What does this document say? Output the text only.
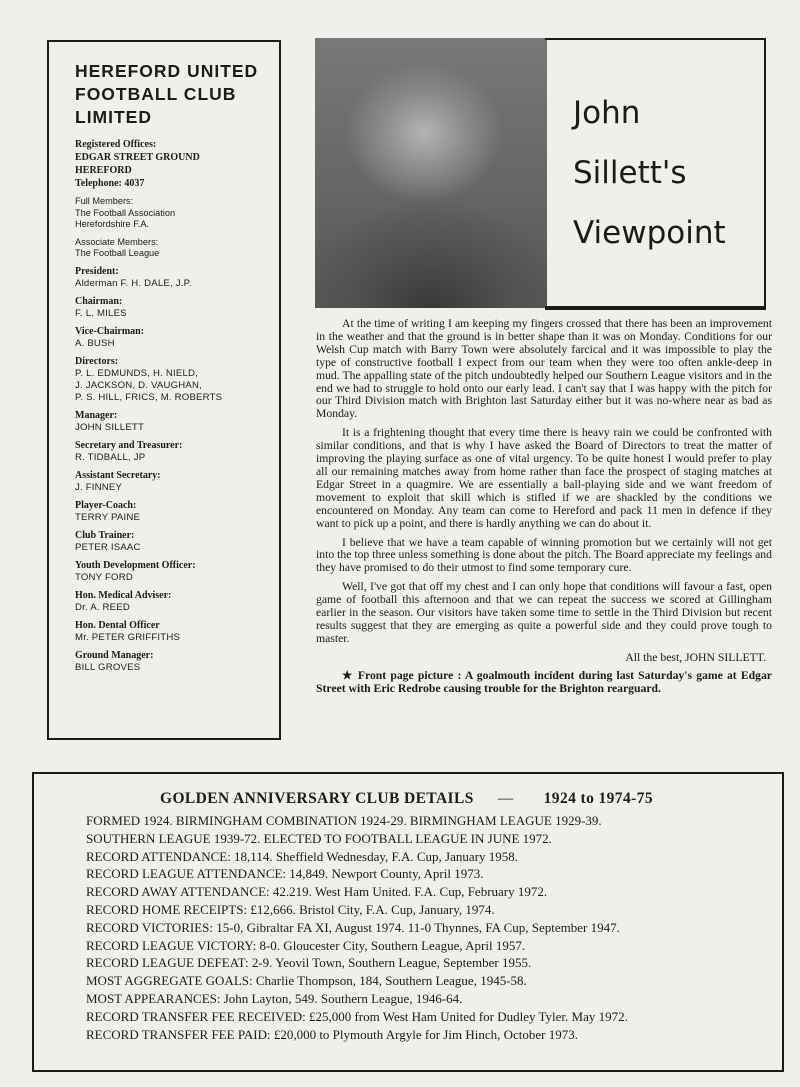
HEREFORD UNITED
FOOTBALL CLUB
LIMITED
Registered Offices:
EDGAR STREET GROUND
HEREFORD
Telephone: 4037
Full Members:
The Football Association
Herefordshire F.A.
Associate Members:
The Football League
President:
Alderman F. H. DALE, J.P.
Chairman:
F. L. MILES
Vice-Chairman:
A. BUSH
Directors:
P. L. EDMUNDS, H. NIELD,
J. JACKSON, D. VAUGHAN,
P. S. HILL, FRICS, M. ROBERTS
Manager:
JOHN SILLETT
Secretary and Treasurer:
R. TIDBALL, JP
Assistant Secretary:
J. FINNEY
Player-Coach:
TERRY PAINE
Club Trainer:
PETER ISAAC
Youth Development Officer:
TONY FORD
Hon. Medical Adviser:
Dr. A. REED
Hon. Dental Officer
Mr. PETER GRIFFITHS
Ground Manager:
BILL GROVES
John
Sillett's
Viewpoint

At the time of writing I am keeping my fingers crossed that there has been an improvement in the weather and that the ground is in better shape than it was on Monday. Conditions for our Welsh Cup match with Barry Town were absolutely farcical and it was impossible to play the type of constructive football I expect from our team when they were too often ankle-deep in mud. The appalling state of the pitch undoubtedly helped our Southern League visitors and in the end we had to struggle to hold onto our early lead. I can't say that I was happy with the pitch for our Third Division match with Brighton last Saturday either but it was no-where near as bad as Monday.

It is a frightening thought that every time there is heavy rain we could be confronted with similar conditions, and that is why I have asked the Board of Directors to treat the matter of improving the playing surface as one of vital urgency. To be quite honest I would prefer to play all our remaining matches away from home rather than face the prospect of staging matches at Edgar Street in a quagmire. We are essentially a ball-playing side and we want freedom of movement to exploit that skill which is stifled if we are shackled by the conditions we encountered on Monday. Any team can come to Hereford and pack 11 men in defence if they want to pick up a point, and there is hardly anything we can do about it.

I believe that we have a team capable of winning promotion but we certainly will not get into the top three unless something is done about the pitch. The Board appreciate my feelings and they have promised to do their utmost to find some temporary cure.

Well, I've got that off my chest and I can only hope that conditions will favour a fast, open game of football this afternoon and that we can repeat the success we scored at Gillingham earlier in the season. Our visitors have taken some time to settle in the Third Division but recent results suggest that they are emerging as quite a powerful side and they could prove tough to master.

All the best, JOHN SILLETT.

★ Front page picture : A goalmouth incident during last Saturday's game at Edgar Street with Eric Redrobe causing trouble for the Brighton rearguard.

GOLDEN ANNIVERSARY CLUB DETAILS — 1924 to 1974-75
FORMED 1924. BIRMINGHAM COMBINATION 1924-29. BIRMINGHAM LEAGUE 1929-39.
SOUTHERN LEAGUE 1939-72. ELECTED TO FOOTBALL LEAGUE IN JUNE 1972.
RECORD ATTENDANCE: 18,114. Sheffield Wednesday, F.A. Cup, January 1958.
RECORD LEAGUE ATTENDANCE: 14,849. Newport County, April 1973.
RECORD AWAY ATTENDANCE: 42.219. West Ham United. F.A. Cup, February 1972.
RECORD HOME RECEIPTS: £12,666. Bristol City, F.A. Cup, January, 1974.
RECORD VICTORIES: 15-0, Gibraltar FA XI, August 1974. 11-0 Thynnes, FA Cup, September 1947.
RECORD LEAGUE VICTORY: 8-0. Gloucester City, Southern League, April 1957.
RECORD LEAGUE DEFEAT: 2-9. Yeovil Town, Southern League, September 1955.
MOST AGGREGATE GOALS: Charlie Thompson, 184, Southern League, 1945-58.
MOST APPEARANCES: John Layton, 549. Southern League, 1946-64.
RECORD TRANSFER FEE RECEIVED: £25,000 from West Ham United for Dudley Tyler. May 1972.
RECORD TRANSFER FEE PAID: £20,000 to Plymouth Argyle for Jim Hinch, October 1973.
